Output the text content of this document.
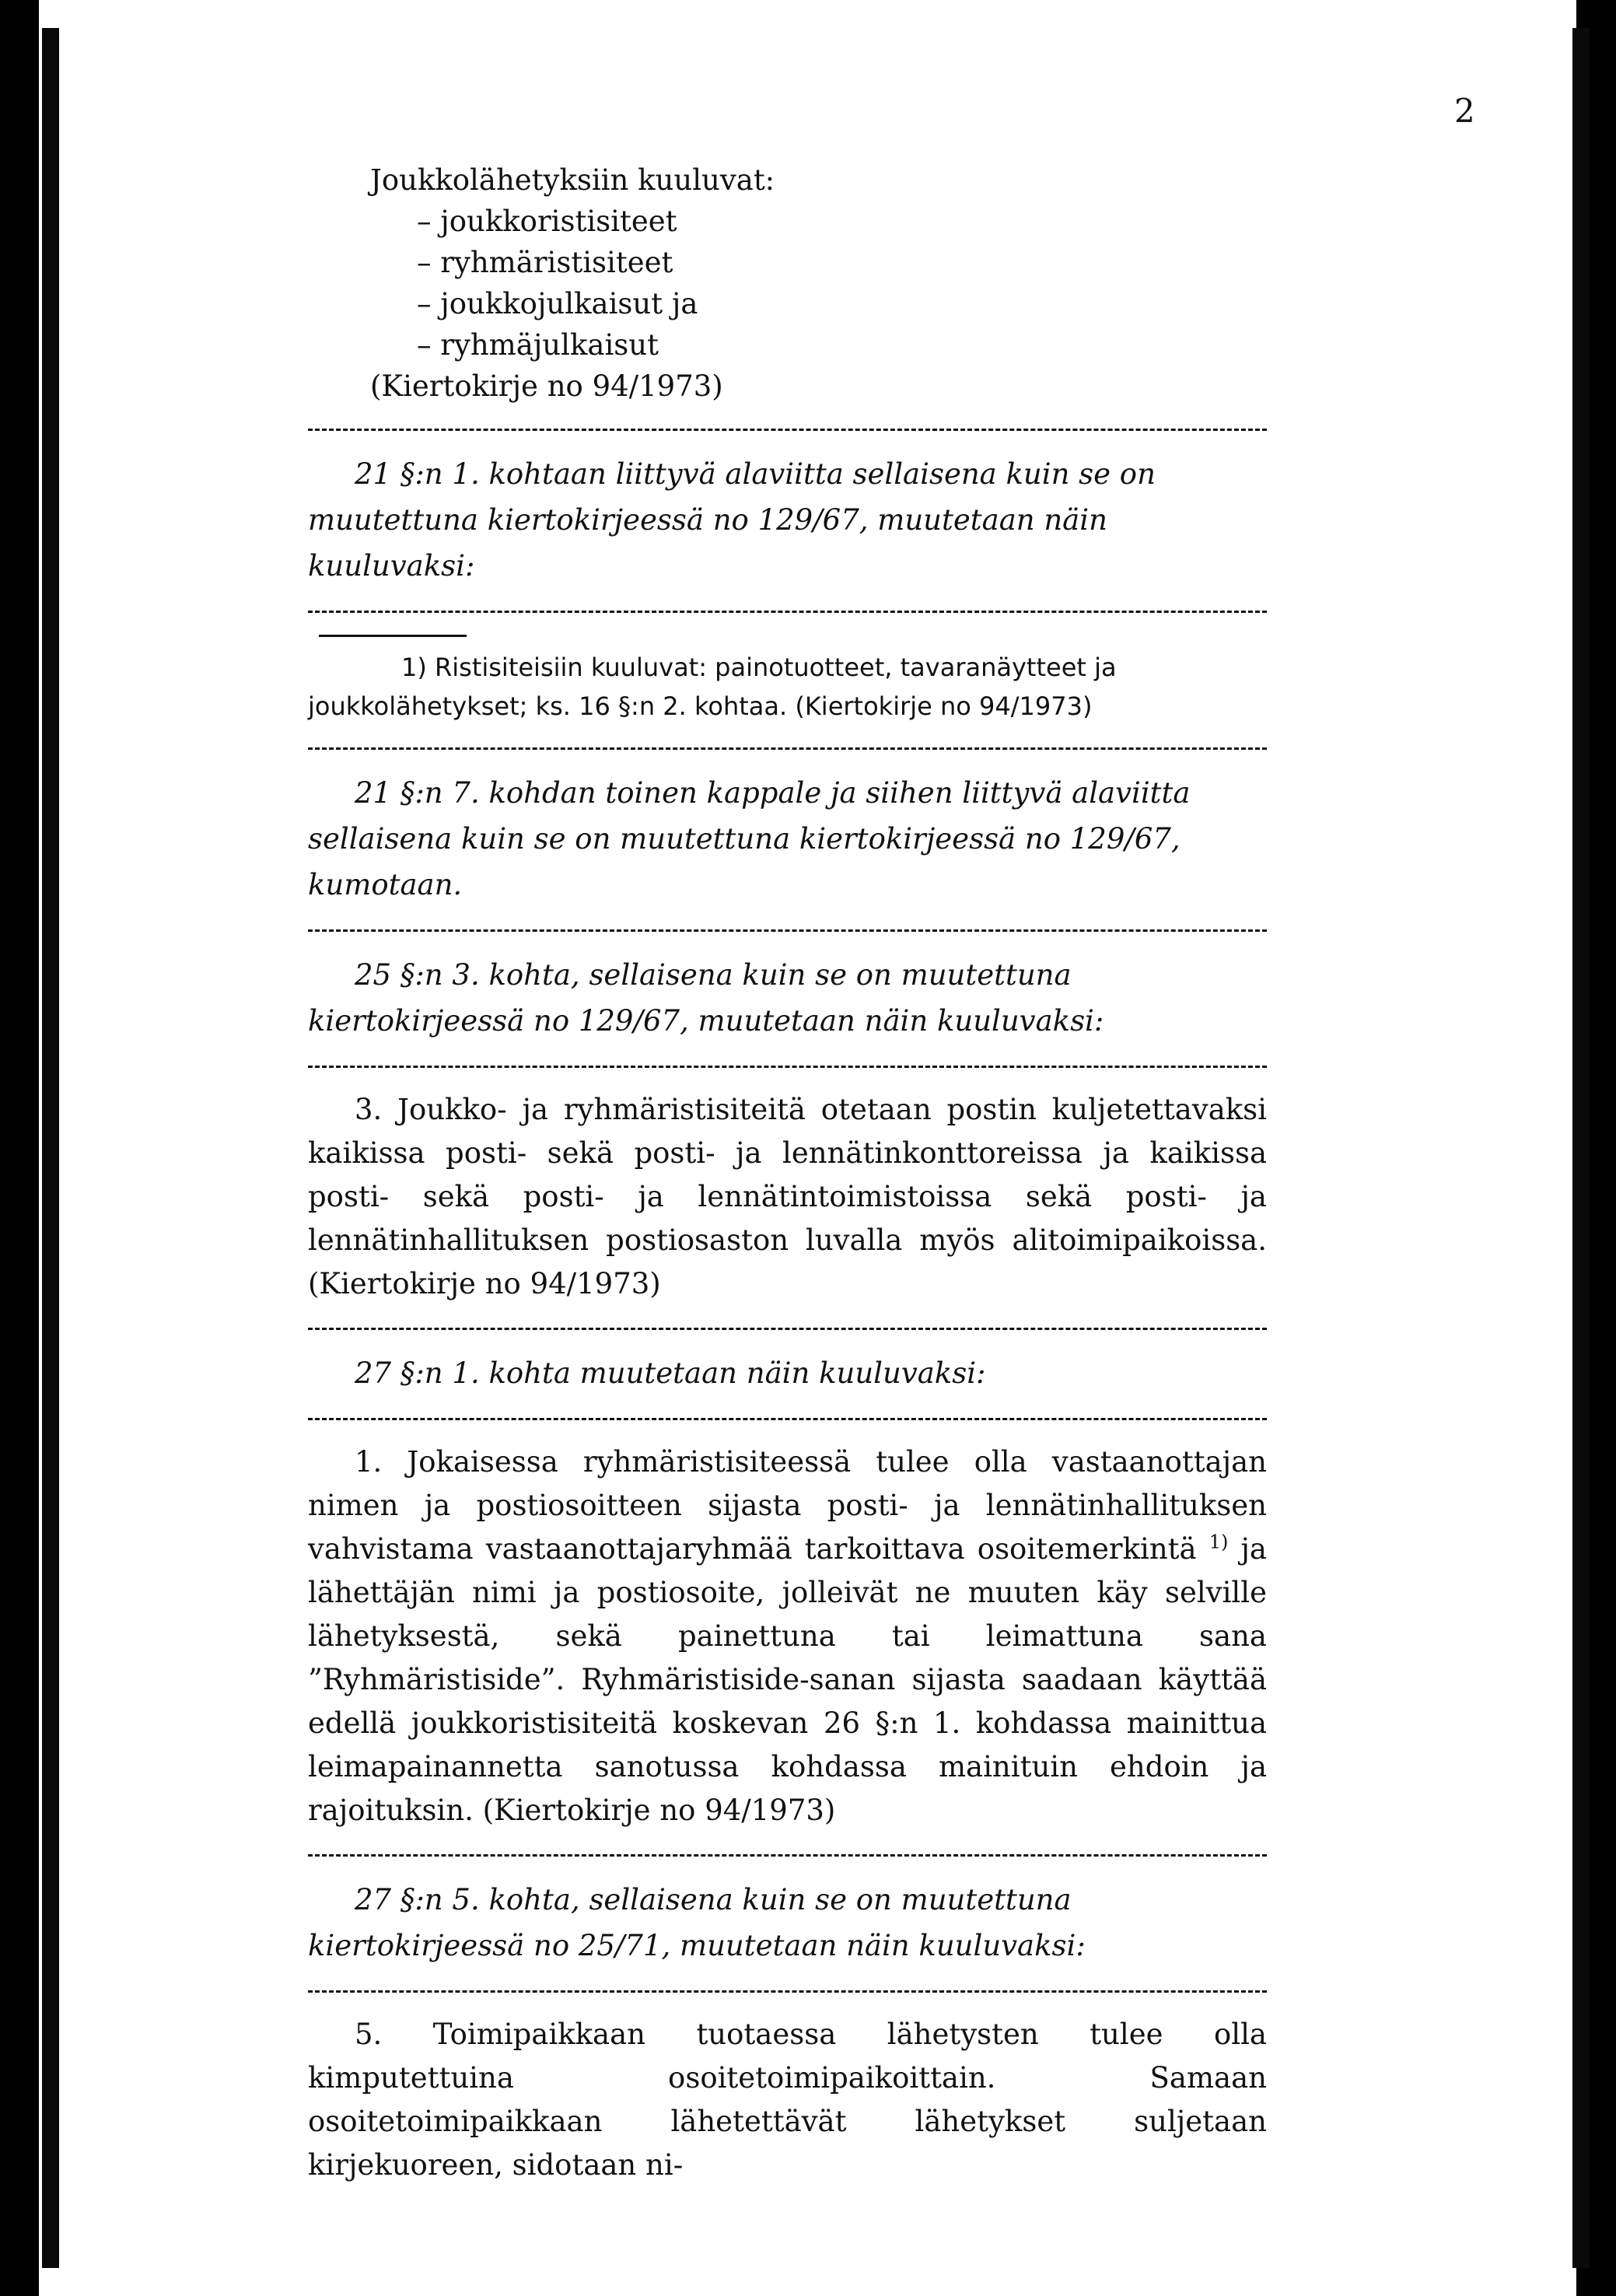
2
Joukkolähetyksiin kuuluvat:
– joukkoristisiteet
– ryhmäristisiteet
– joukkojulkaisut ja
– ryhmäjulkaisut
(Kiertokirje no 94/1973)
21 §:n 1. kohtaan liittyvä alaviitta sellaisena kuin se on muutettuna kiertokirjeessä no 129/67, muutetaan näin kuuluvaksi:
1) Ristisiteisiin kuuluvat: painotuotteet, tavaranäytteet ja joukkolähetykset; ks. 16 §:n 2. kohtaa. (Kiertokirje no 94/1973)
21 §:n 7. kohdan toinen kappale ja siihen liittyvä alaviitta sellaisena kuin se on muutettuna kiertokirjeessä no 129/67, kumotaan.
25 §:n 3. kohta, sellaisena kuin se on muutettuna kiertokirjeessä no 129/67, muutetaan näin kuuluvaksi:
3. Joukko- ja ryhmäristisiteitä otetaan postin kuljetettavaksi kaikissa posti- sekä posti- ja lennätinkonttoreissa ja kaikissa posti- sekä posti- ja lennätintoimistoissa sekä posti- ja lennätinhallituksen postiosaston luvalla myös alitoimipaikoissa. (Kiertokirje no 94/1973)
27 §:n 1. kohta muutetaan näin kuuluvaksi:
1. Jokaisessa ryhmäristisiteessä tulee olla vastaanottajan nimen ja postiosoitteen sijasta posti- ja lennätinhallituksen vahvistama vastaanottajaryhmää tarkoittava osoitemerkintä $^{1)}$ ja lähettäjän nimi ja postiosoite, jolleivät ne muuten käy selville lähetyksestä, sekä painettuna tai leimattuna sana ”Ryhmäristiside”. Ryhmäristiside-sanan sijasta saadaan käyttää edellä joukkoristisiteitä koskevan 26 §:n 1. kohdassa mainittua leimapainannetta sanotussa kohdassa mainituin ehdoin ja rajoituksin. (Kiertokirje no 94/1973)
27 §:n 5. kohta, sellaisena kuin se on muutettuna kiertokirjeessä no 25/71, muutetaan näin kuuluvaksi:
5. Toimipaikkaan tuotaessa lähetysten tulee olla kimputettuina osoitetoimipaikoittain. Samaan osoitetoimipaikkaan lähetettävät lähetykset suljetaan kirjekuoreen, sidotaan ni-
